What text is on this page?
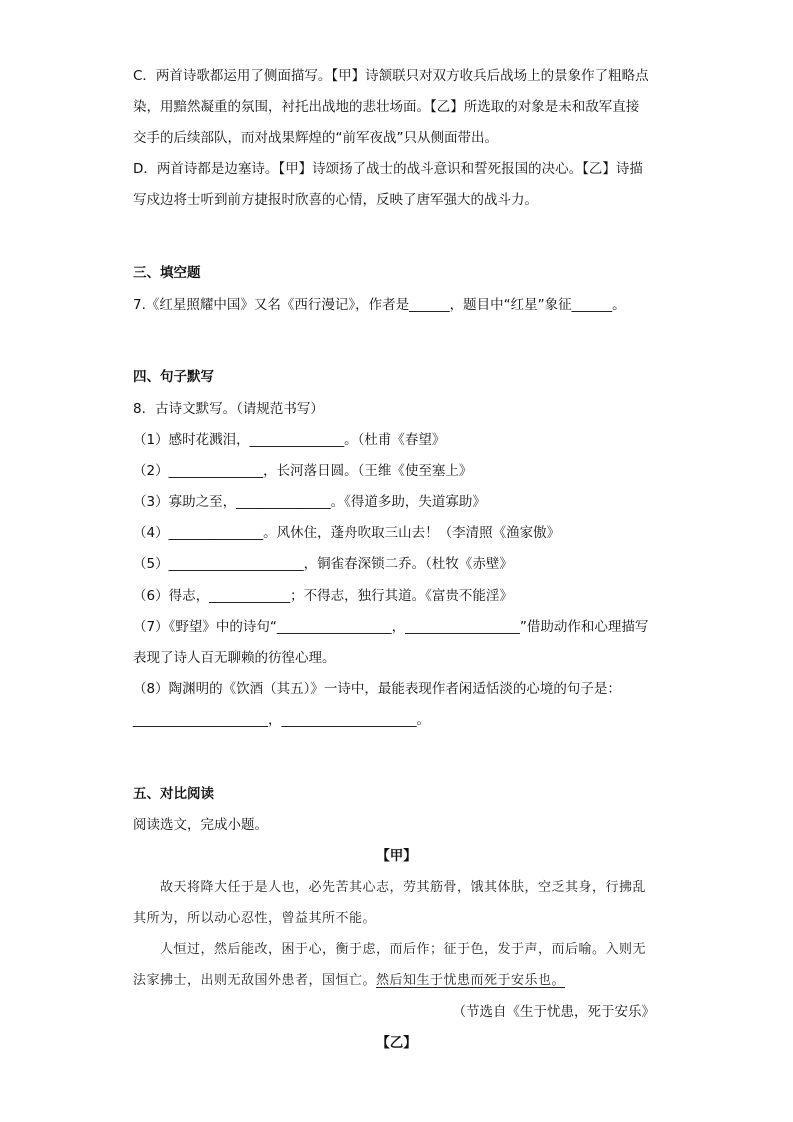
C．两首诗歌都运用了侧面描写。【甲】诗颔联只对双方收兵后战场上的景象作了粗略点
染，用黯然凝重的氛围，衬托出战地的悲壮场面。【乙】所选取的对象是未和敌军直接
交手的后续部队，而对战果辉煌的“前军夜战”只从侧面带出。
D．两首诗都是边塞诗。【甲】诗颂扬了战士的战斗意识和誓死报国的决心。【乙】诗描
写戍边将士听到前方捷报时欣喜的心情，反映了唐军强大的战斗力。
三、填空题
7.《红星照耀中国》又名《西行漫记》，作者是______，题目中“红星”象征______。
四、句子默写
8．古诗文默写。（请规范书写）
（1）感时花溅泪，______________。（杜甫《春望》
（2）______________，长河落日圆。（王维《使至塞上》
（3）寡助之至，______________。《得道多助，失道寡助》
（4）______________。风休住，蓬舟吹取三山去！（李清照《渔家傲》
（5）____________________，铜雀春深锁二乔。（杜牧《赤壁》
（6）得志，____________；不得志，独行其道。《富贵不能淫》
（7）《野望》中的诗句“_________________，_________________”借助动作和心理描写
表现了诗人百无聊赖的彷徨心理。
（8）陶渊明的《饮酒（其五）》一诗中，最能表现作者闲适恬淡的心境的句子是：
____________________，____________________。
五、对比阅读
阅读选文，完成小题。
【甲】
故天将降大任于是人也，必先苦其心志，劳其筋骨，饿其体肤，空乏其身，行拂乱
其所为，所以动心忍性，曾益其所不能。
人恒过，然后能改，困于心，衡于虑，而后作；征于色，发于声，而后喻。入则无
法家拂士，出则无敌国外患者，国恒亡。然后知生于忧患而死于安乐也。
（节选自《生于忧患，死于安乐》
【乙】
